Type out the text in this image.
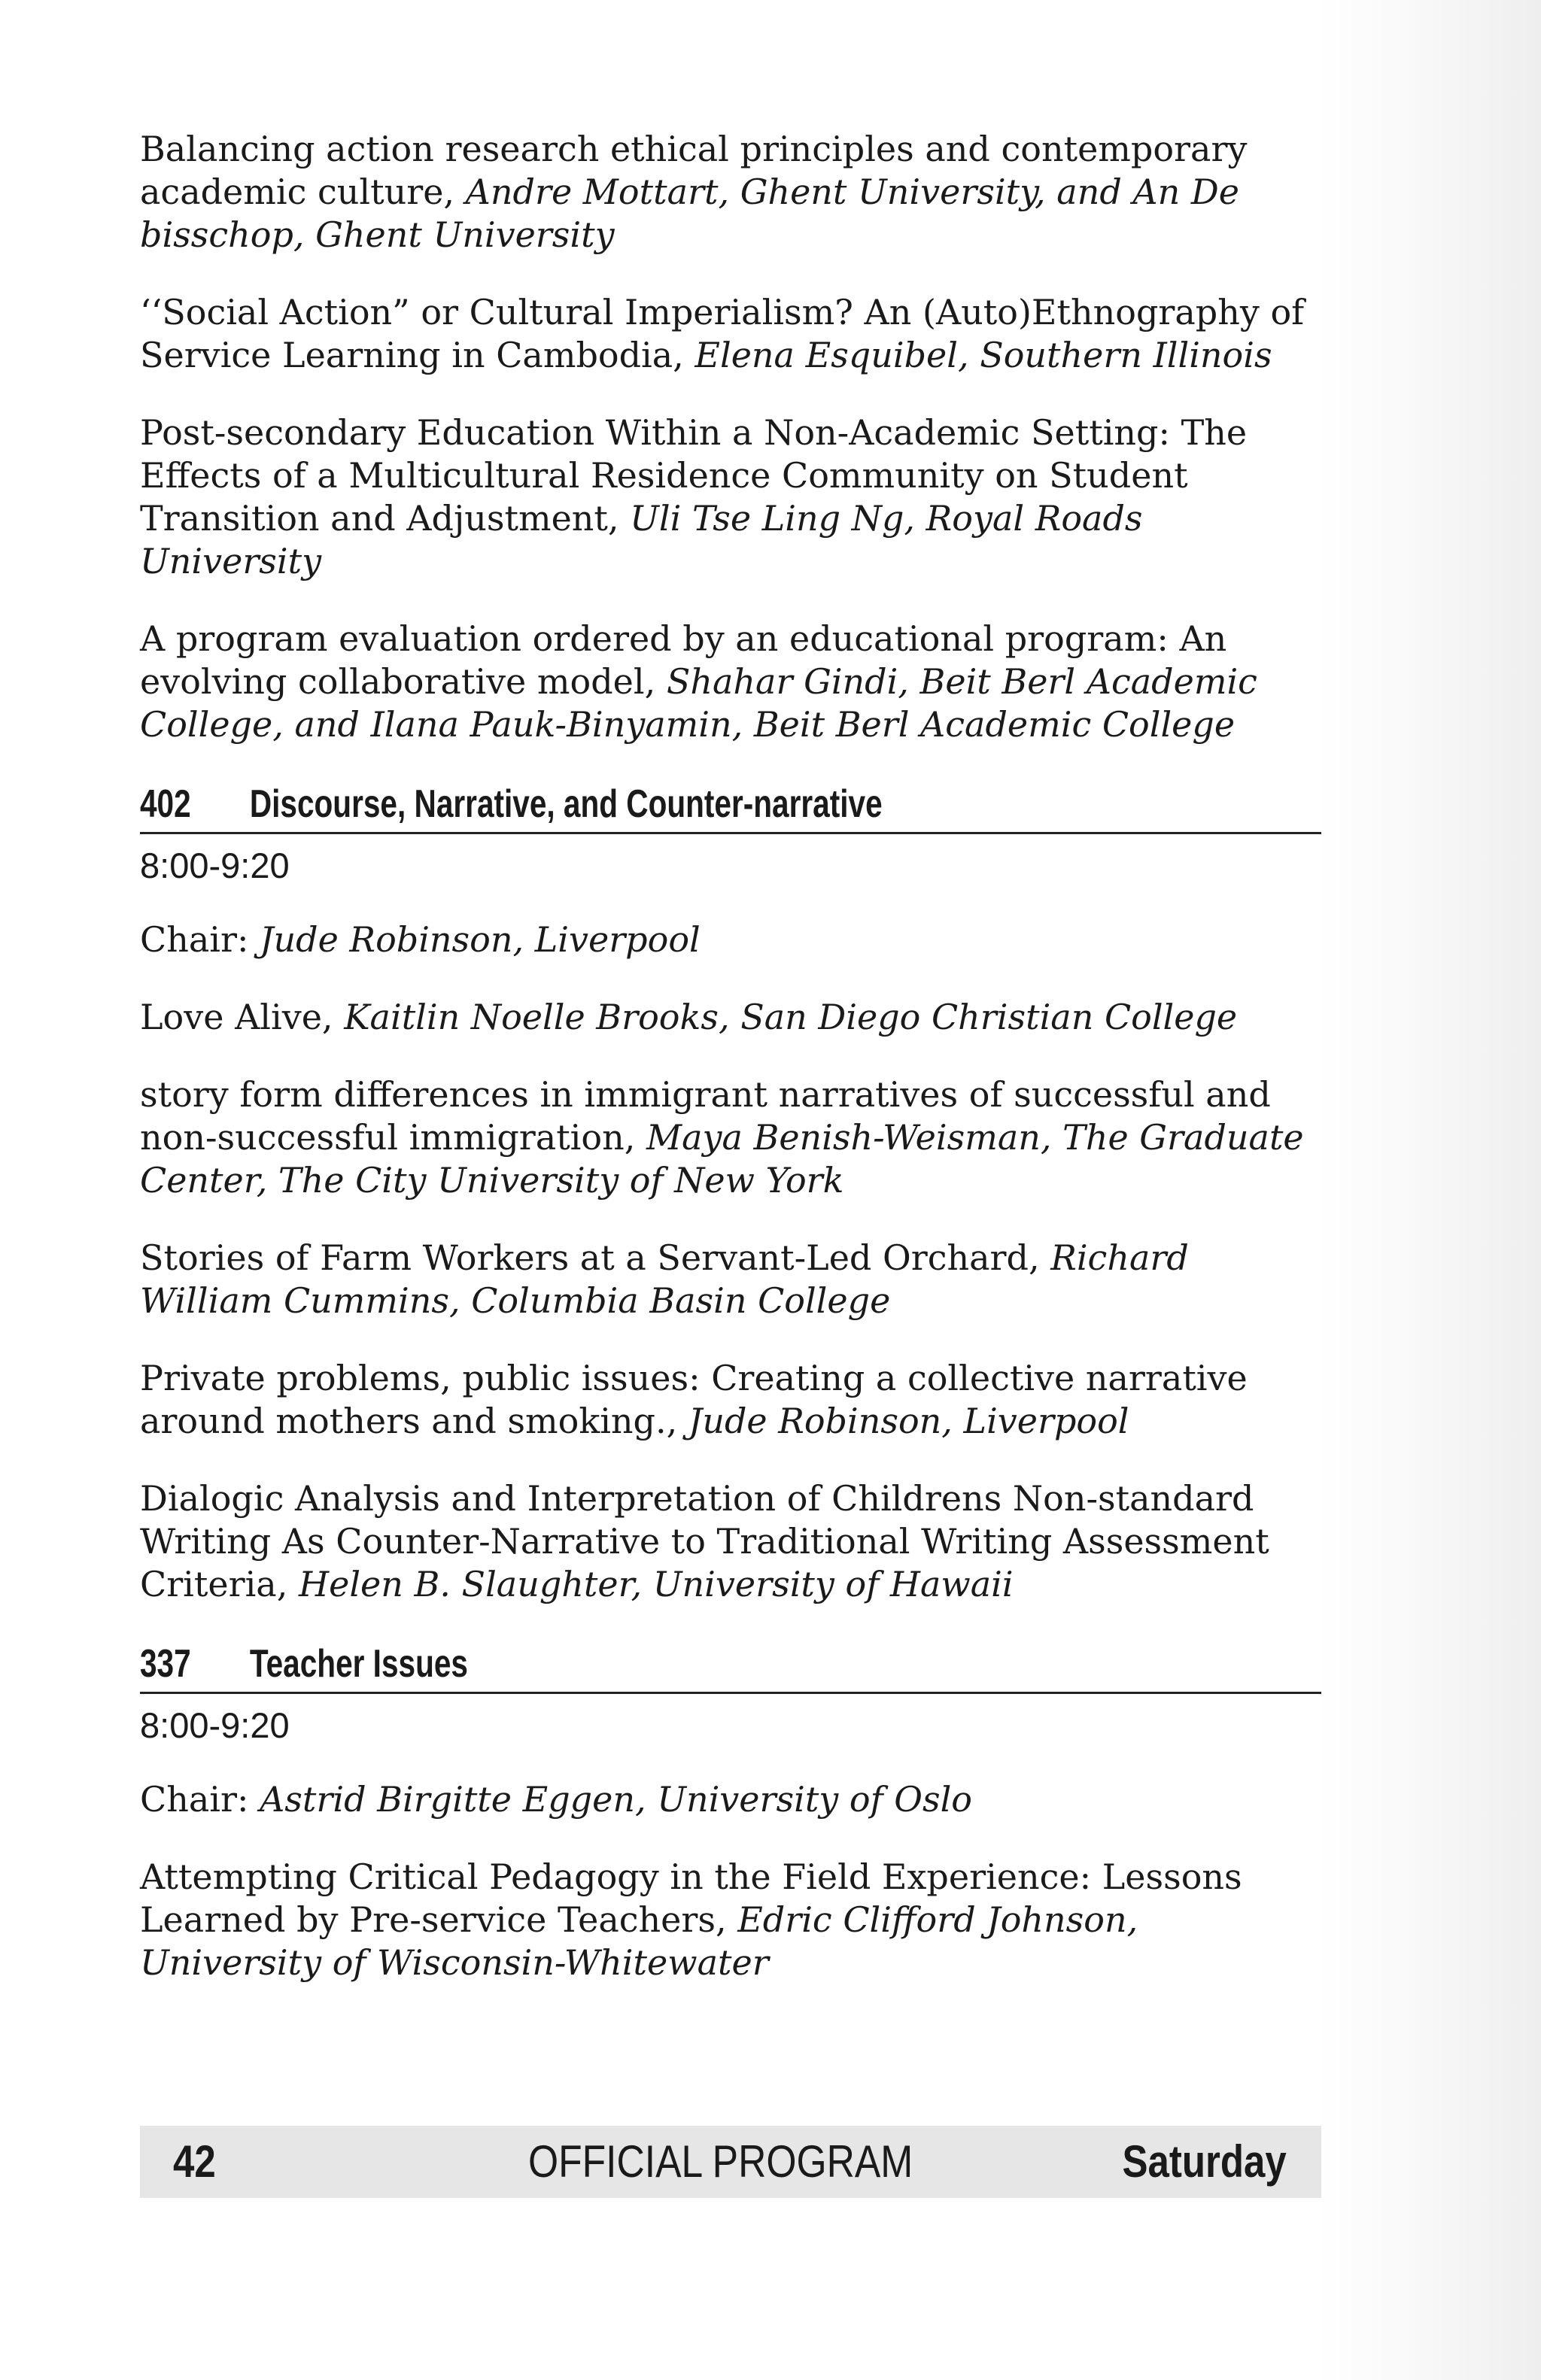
Balancing action research ethical principles and contemporary academic culture, Andre Mottart, Ghent University, and An De bisschop, Ghent University
‘‘Social Action” or Cultural Imperialism? An (Auto)Ethnography of Service Learning in Cambodia, Elena Esquibel, Southern Illinois
Post-secondary Education Within a Non-Academic Setting: The Effects of a Multicultural Residence Community on Student Transition and Adjustment, Uli Tse Ling Ng, Royal Roads University
A program evaluation ordered by an educational program: An evolving collaborative model, Shahar Gindi, Beit Berl Academic College, and Ilana Pauk-Binyamin, Beit Berl Academic College
402	Discourse, Narrative, and Counter-narrative
8:00-9:20
Chair: Jude Robinson, Liverpool
Love Alive, Kaitlin Noelle Brooks, San Diego Christian College
story form differences in immigrant narratives of successful and non-successful immigration, Maya Benish-Weisman, The Graduate Center, The City University of New York
Stories of Farm Workers at a Servant-Led Orchard, Richard William Cummins, Columbia Basin College
Private problems, public issues: Creating a collective narrative around mothers and smoking., Jude Robinson, Liverpool
Dialogic Analysis and Interpretation of Childrens Non-standard Writing As Counter-Narrative to Traditional Writing Assessment Criteria, Helen B. Slaughter, University of Hawaii
337	Teacher Issues
8:00-9:20
Chair: Astrid Birgitte Eggen, University of Oslo
Attempting Critical Pedagogy in the Field Experience: Lessons Learned by Pre-service Teachers, Edric Clifford Johnson, University of Wisconsin-Whitewater
42	OFFICIAL PROGRAM	Saturday
